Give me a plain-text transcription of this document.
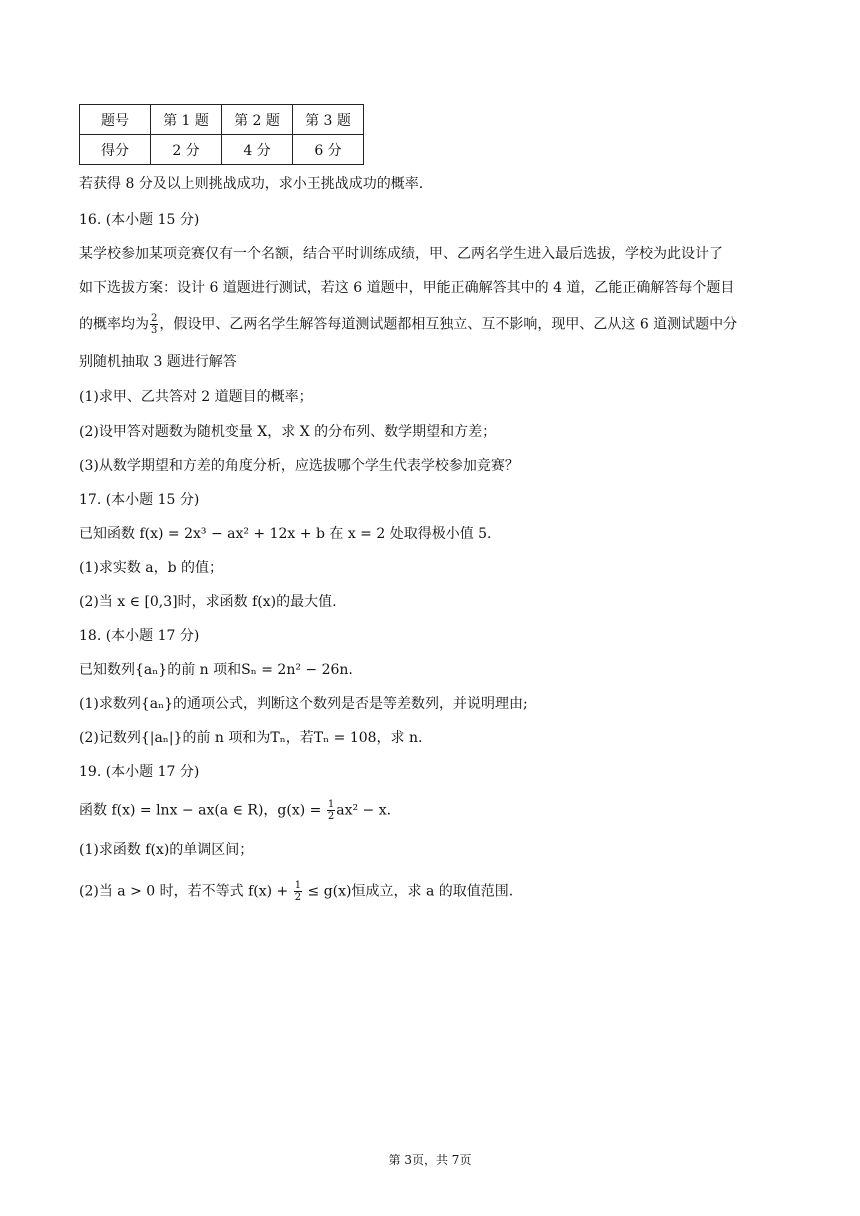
题号	第 1 题	第 2 题	第 3 题
得分	2 分	4 分	6 分
若获得 8 分及以上则挑战成功，求小王挑战成功的概率.
16. (本小题 15 分)
某学校参加某项竞赛仅有一个名额，结合平时训练成绩，甲、乙两名学生进入最后选拔，学校为此设计了
如下选拔方案：设计 6 道题进行测试，若这 6 道题中，甲能正确解答其中的 4 道，乙能正确解答每个题目
的概率均为 $\frac{2}{3}$ ，假设甲、乙两名学生解答每道测试题都相互独立、互不影响，现甲、乙从这 6 道测试题中分
别随机抽取 3 题进行解答
(1)求甲、乙共答对 2 道题目的概率；
(2)设甲答对题数为随机变量 X，求 X 的分布列、数学期望和方差；
(3)从数学期望和方差的角度分析，应选拔哪个学生代表学校参加竞赛？
17. (本小题 15 分)
已知函数 f(x) = 2x³ − ax² + 12x + b 在 x = 2 处取得极小值 5.
(1)求实数 a，b 的值；
(2)当 x ∈ [0,3]时，求函数 f(x)的最大值.
18. (本小题 17 分)
已知数列{aₙ}的前 n 项和Sₙ = 2n² − 26n.
(1)求数列{aₙ}的通项公式，判断这个数列是否是等差数列，并说明理由;
(2)记数列{|aₙ|}的前 n 项和为Tₙ，若Tₙ = 108，求 n.
19. (本小题 17 分)
函数 f(x) = lnx − ax(a ∈ R)，$g(x) = \frac{1}{2} ax^2 - x$.
(1)求函数 f(x)的单调区间；
(2)当 a > 0 时，若不等式 $f(x) + \frac{1}{2} \le g(x)$恒成立，求 a 的取值范围.
第 3页，共 7页
